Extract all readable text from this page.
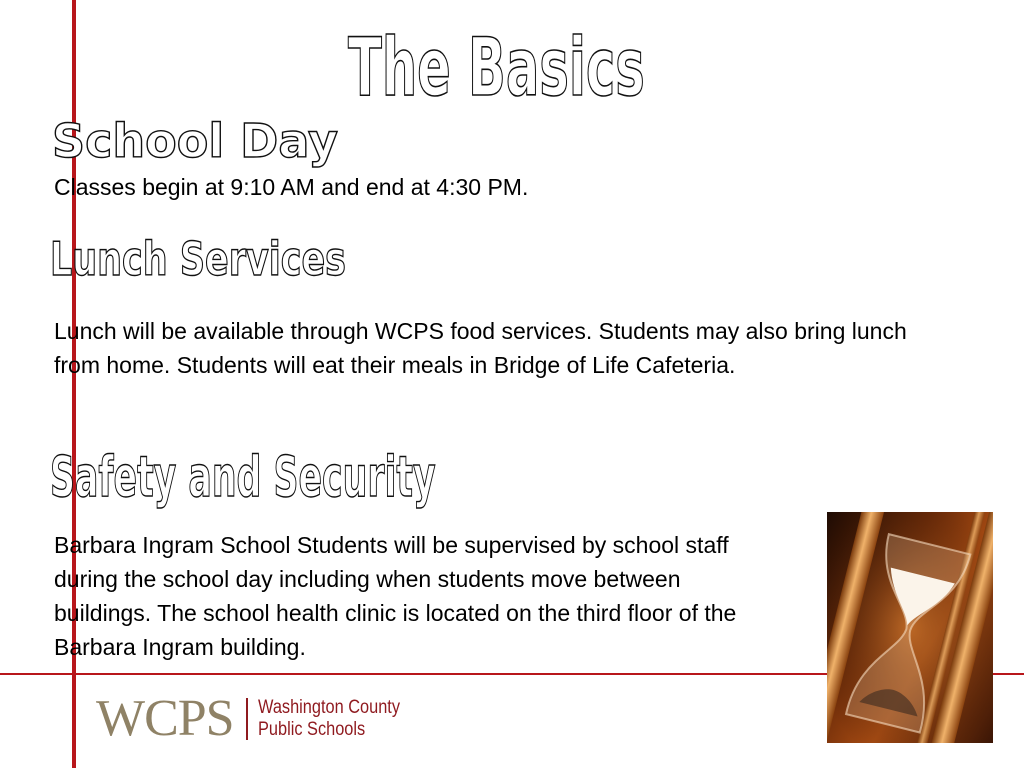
The Basics
School Day

Classes begin at 9:10 AM and end at 4:30 PM.

Lunch Services

Lunch will be available through WCPS food services. Students may also bring lunch from home. Students will eat their meals in Bridge of Life Cafeteria.

Safety and Security

Barbara Ingram School Students will be supervised by school staff during the school day including when students move between buildings. The school health clinic is located on the third floor of the Barbara Ingram building.

WCPS Washington County
Public Schools
